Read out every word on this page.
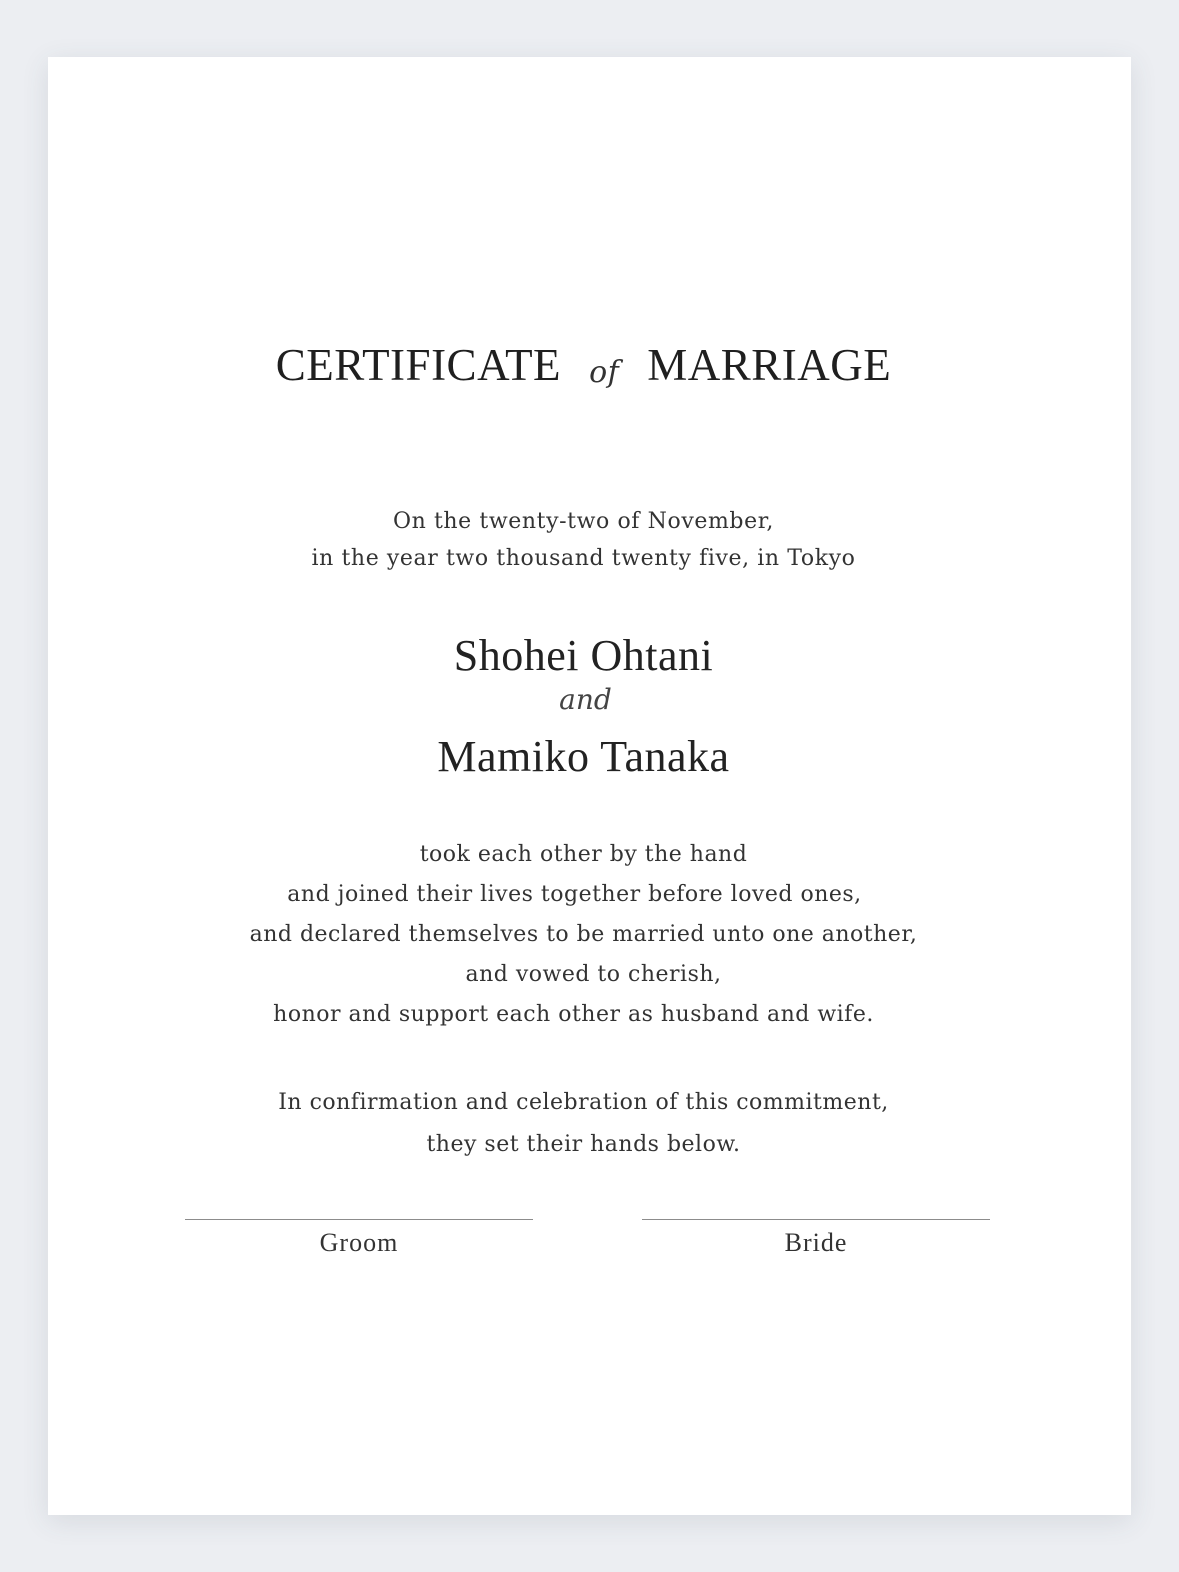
CERTIFICATE of MARRIAGE
On the twenty-two of November,
in the year two thousand twenty five, in Tokyo
Shohei Ohtani
and
Mamiko Tanaka
took each other by the hand
and joined their lives together before loved ones,
and declared themselves to be married unto one another,
and vowed to cherish,
honor and support each other as husband and wife.
In confirmation and celebration of this commitment,
they set their hands below.
Groom	Bride
